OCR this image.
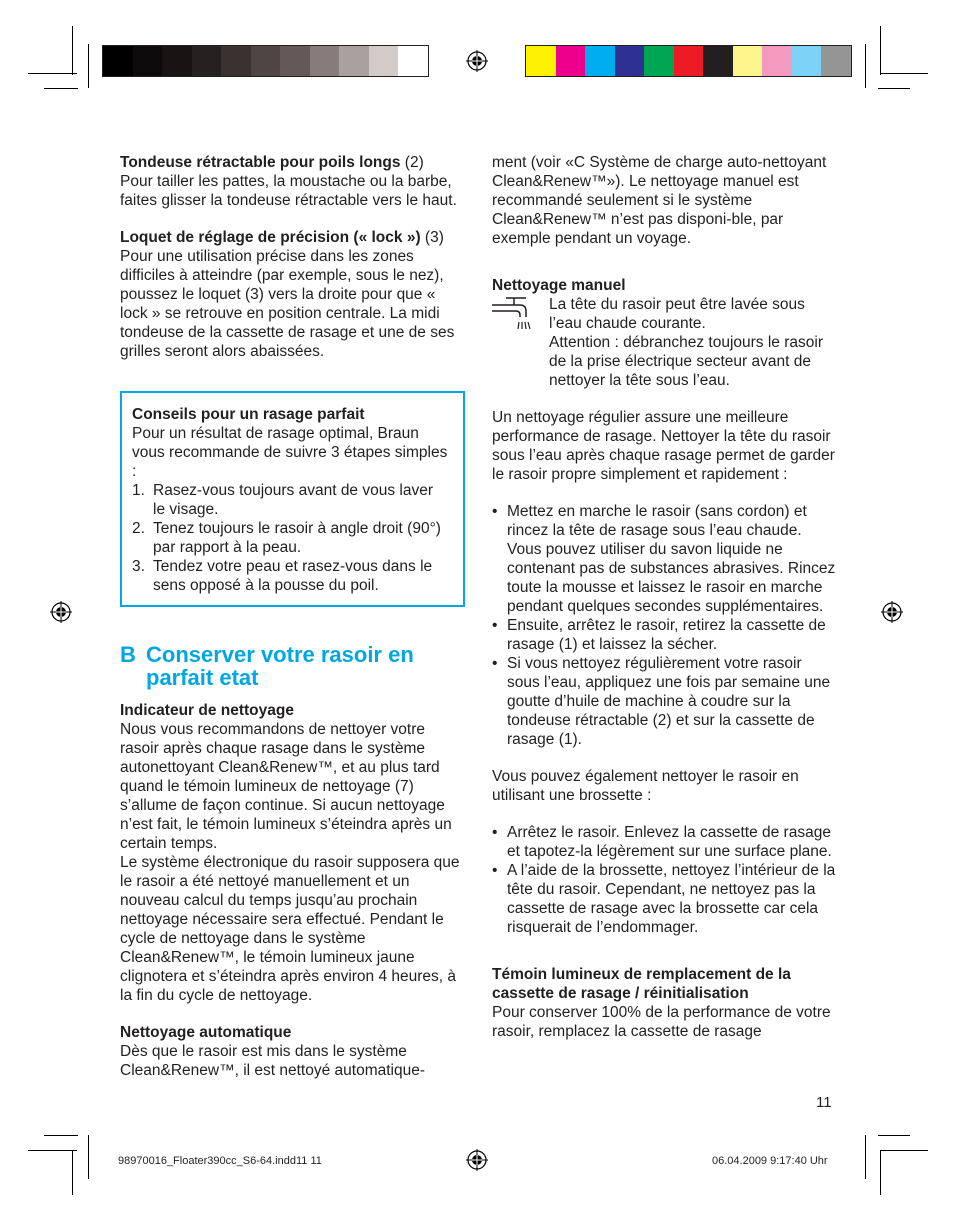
Tondeuse rétractable pour poils longs (2)
Pour tailler les pattes, la moustache ou la barbe, faites glisser la tondeuse rétractable vers le haut.

Loquet de réglage de précision (« lock ») (3)
Pour une utilisation précise dans les zones difficiles à atteindre (par exemple, sous le nez), poussez le loquet (3) vers la droite pour que « lock » se retrouve en position centrale. La midi tondeuse de la cassette de rasage et une de ses grilles seront alors abaissées.

Conseils pour un rasage parfait

Pour un résultat de rasage optimal, Braun vous recommande de suivre 3 étapes simples :

1. Rasez-vous toujours avant de vous laver le visage.
2. Tenez toujours le rasoir à angle droit (90°) par rapport à la peau.
3. Tendez votre peau et rasez-vous dans le sens opposé à la pousse du poil.
B Conserver votre rasoir en parfait etat

Indicateur de nettoyage

Nous vous recommandons de nettoyer votre rasoir après chaque rasage dans le système autonettoyant Clean&Renew™, et au plus tard quand le témoin lumineux de nettoyage (7) s’allume de façon continue. Si aucun nettoyage n’est fait, le témoin lumineux s’éteindra après un certain temps.

Le système électronique du rasoir supposera que le rasoir a été nettoyé manuellement et un nouveau calcul du temps jusqu’au prochain nettoyage nécessaire sera effectué. Pendant le cycle de nettoyage dans le système Clean&Renew™, le témoin lumineux jaune clignotera et s’éteindra après environ 4 heures, à la fin du cycle de nettoyage.

Nettoyage automatique

Dès que le rasoir est mis dans le système Clean&Renew™, il est nettoyé automatique-

ment (voir «C Système de charge auto-nettoyant Clean&Renew™»). Le nettoyage manuel est recommandé seulement si le système Clean&Renew™ n’est pas disponi-ble, par exemple pendant un voyage.

Nettoyage manuel

La tête du rasoir peut être lavée sous l’eau chaude courante.

Attention : débranchez toujours le rasoir de la prise électrique secteur avant de nettoyer la tête sous l’eau.

Un nettoyage régulier assure une meilleure performance de rasage. Nettoyer la tête du rasoir sous l’eau après chaque rasage permet de garder le rasoir propre simplement et rapidement :

• Mettez en marche le rasoir (sans cordon) et rincez la tête de rasage sous l’eau chaude. Vous pouvez utiliser du savon liquide ne contenant pas de substances abrasives. Rincez toute la mousse et laissez le rasoir en marche pendant quelques secondes supplémentaires.
• Ensuite, arrêtez le rasoir, retirez la cassette de rasage (1) et laissez la sécher.
• Si vous nettoyez régulièrement votre rasoir sous l’eau, appliquez une fois par semaine une goutte d’huile de machine à coudre sur la tondeuse rétractable (2) et sur la cassette de rasage (1).

Vous pouvez également nettoyer le rasoir en utilisant une brossette :

• Arrêtez le rasoir. Enlevez la cassette de rasage et tapotez-la légèrement sur une surface plane.
• A l’aide de la brossette, nettoyez l’intérieur de la tête du rasoir. Cependant, ne nettoyez pas la cassette de rasage avec la brossette car cela risquerait de l’endommager.

Témoin lumineux de remplacement de la cassette de rasage / réinitialisation

Pour conserver 100% de la performance de votre rasoir, remplacez la cassette de rasage

11
98970016_Floater390cc_S6-64.indd11 11	06.04.2009 9:17:40 Uhr
